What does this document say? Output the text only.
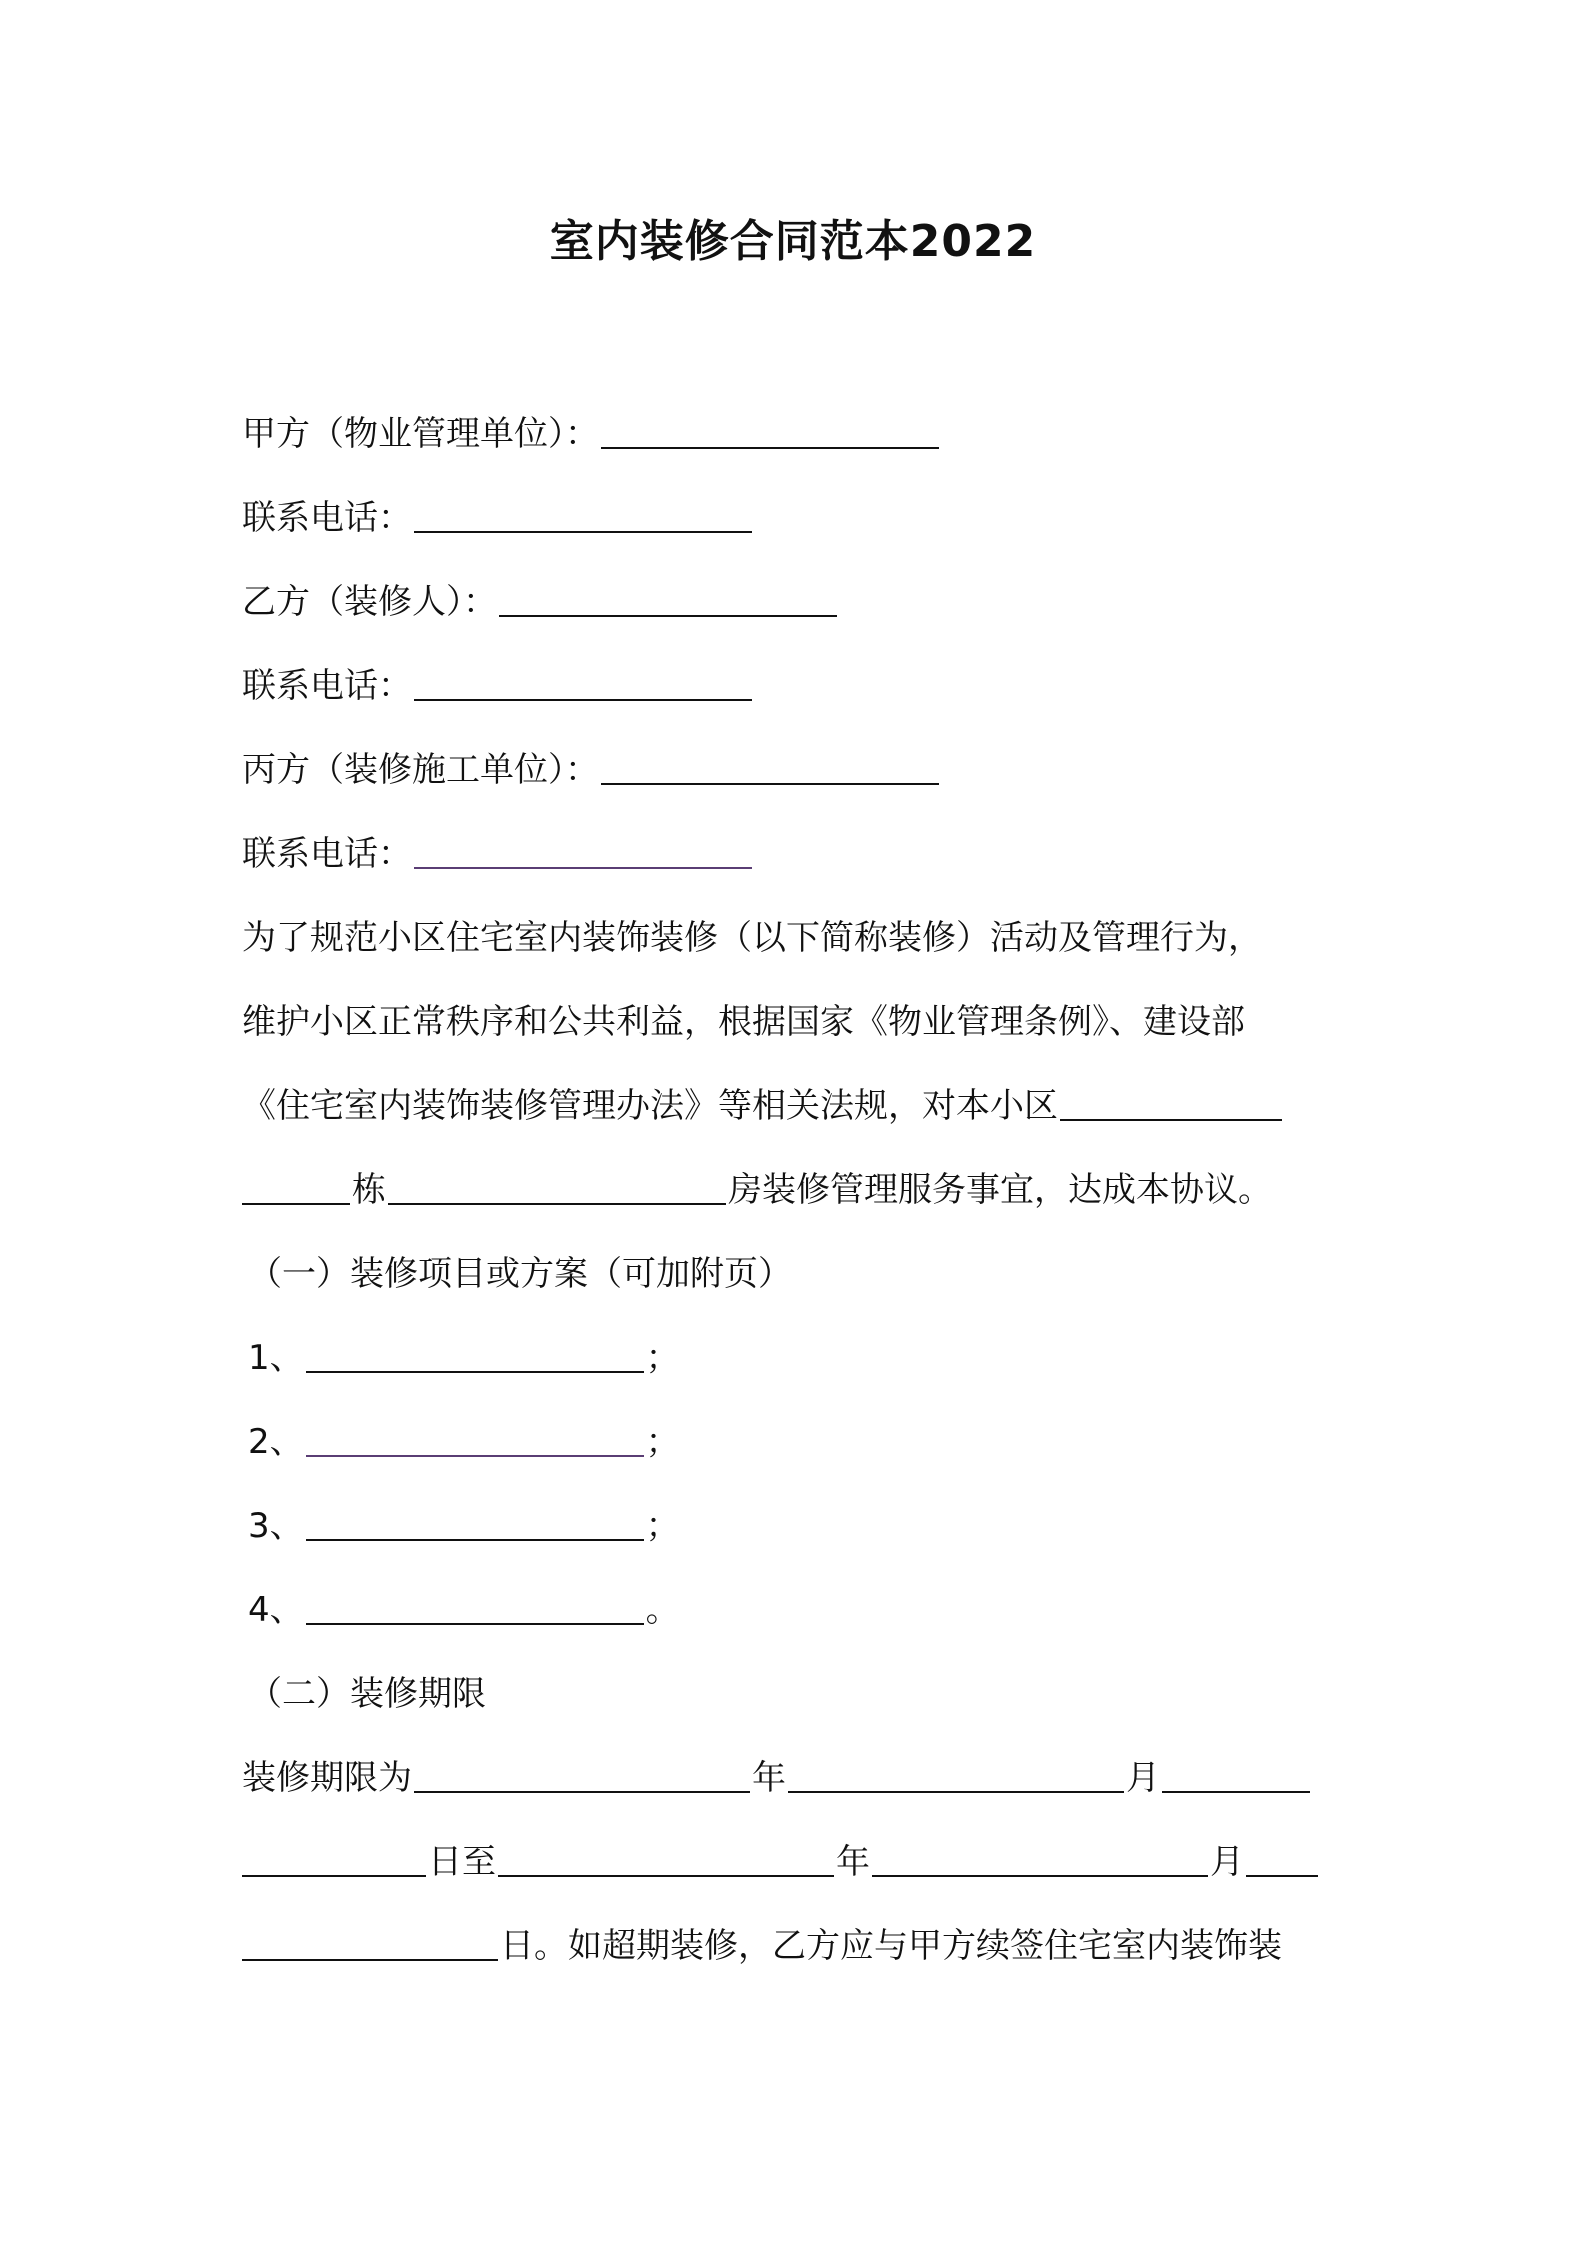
室内装修合同范本2022
甲方（物业管理单位）：
联系电话：
乙方（装修人）：
联系电话：
丙方（装修施工单位）：
联系电话：
为了规范小区住宅室内装饰装修（以下简称装修）活动及管理行为，
维护小区正常秩序和公共利益，根据国家《物业管理条例》、建设部
《住宅室内装饰装修管理办法》等相关法规，对本小区
栋	房装修管理服务事宜，达成本协议。
（一）装修项目或方案（可加附页）
1、	；
2、	；
3、	；
4、	。
（二）装修期限
装修期限为	年	月
日至	年	月
日。如超期装修，乙方应与甲方续签住宅室内装饰装
